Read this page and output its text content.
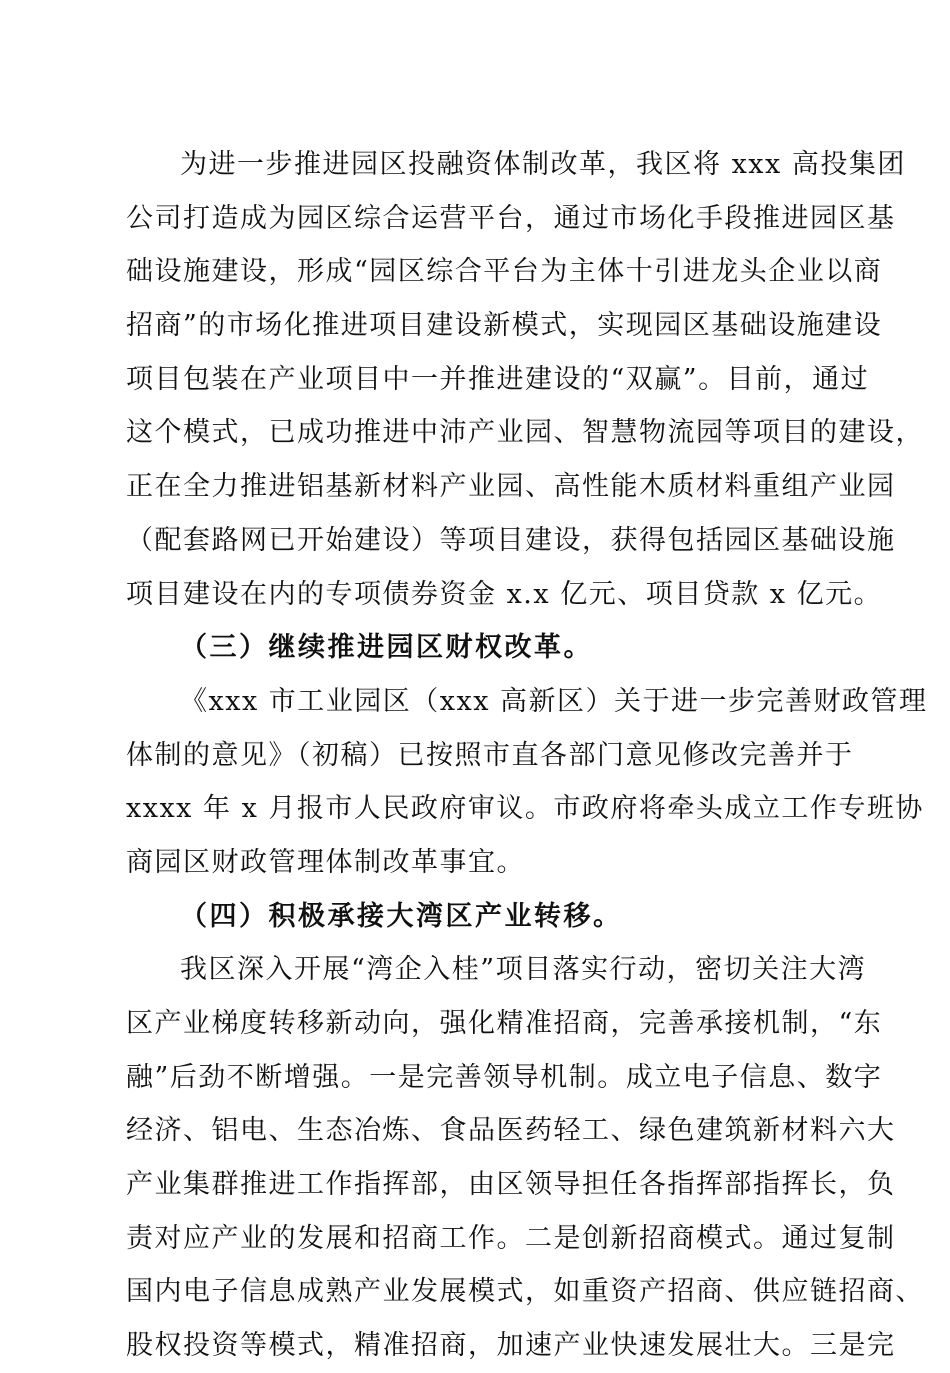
为进一步推进园区投融资体制改革，我区将 xxx 高投集团
公司打造成为园区综合运营平台，通过市场化手段推进园区基
础设施建设，形成“园区综合平台为主体十引进龙头企业以商
招商”的市场化推进项目建设新模式，实现园区基础设施建设
项目包装在产业项目中一并推进建设的“双赢”。目前，通过
这个模式，已成功推进中沛产业园、智慧物流园等项目的建设，
正在全力推进铝基新材料产业园、高性能木质材料重组产业园
（配套路网已开始建设）等项目建设，获得包括园区基础设施
项目建设在内的专项债券资金 x.x 亿元、项目贷款 x 亿元。
（三）继续推进园区财权改革。
《xxx 市工业园区（xxx 高新区）关于进一步完善财政管理
体制的意见》（初稿）已按照市直各部门意见修改完善并于
xxxx 年 x 月报市人民政府审议。市政府将牵头成立工作专班协
商园区财政管理体制改革事宜。
（四）积极承接大湾区产业转移。
我区深入开展“湾企入桂”项目落实行动，密切关注大湾
区产业梯度转移新动向，强化精准招商，完善承接机制，“东
融”后劲不断增强。一是完善领导机制。成立电子信息、数字
经济、铝电、生态冶炼、食品医药轻工、绿色建筑新材料六大
产业集群推进工作指挥部，由区领导担任各指挥部指挥长，负
责对应产业的发展和招商工作。二是创新招商模式。通过复制
国内电子信息成熟产业发展模式，如重资产招商、供应链招商、
股权投资等模式，精准招商，加速产业快速发展壮大。三是完
